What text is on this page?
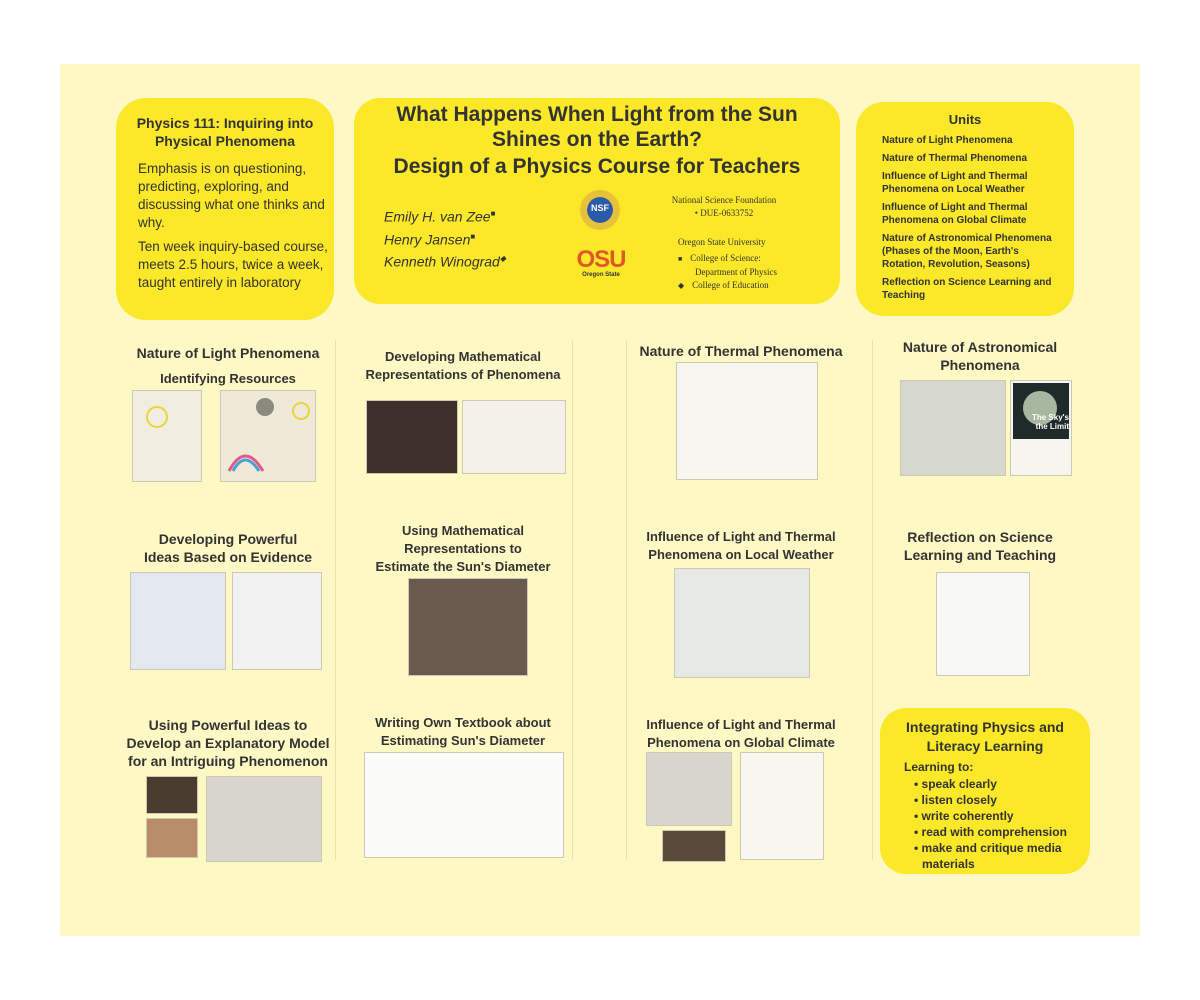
Physics 111: Inquiring into
Physical Phenomena
Emphasis is on questioning, predicting, exploring, and discussing what one thinks and why.
Ten week inquiry-based course, meets 2.5 hours, twice a week, taught entirely in laboratory
What Happens When Light from the Sun
Shines on the Earth?
Design of a Physics Course for Teachers
Emily H. van Zee■
Henry Jansen■
Kenneth Winograd◆
NSF
OSU
Oregon State
National Science Foundation
• DUE-0633752
Oregon State University
■ College of Science:
Department of Physics
◆ College of Education
Units
Nature of Light Phenomena
Nature of Thermal Phenomena
Influence of Light and Thermal Phenomena on Local Weather
Influence of Light and Thermal Phenomena on Global Climate
Nature of Astronomical Phenomena (Phases of the Moon, Earth's Rotation, Revolution, Seasons)
Reflection on Science Learning and Teaching
Nature of Light Phenomena
Identifying Resources
Developing Powerful
Ideas Based on Evidence
Using Powerful Ideas to
Develop an Explanatory Model
for an Intriguing Phenomenon
Developing Mathematical
Representations of Phenomena
Using Mathematical
Representations to
Estimate the Sun's Diameter
Writing Own Textbook about
Estimating Sun's Diameter
Nature of Thermal Phenomena
Influence of Light and Thermal
Phenomena on Local Weather
Influence of Light and Thermal
Phenomena on Global Climate
Nature of Astronomical
Phenomena
The Sky's
the Limit
Reflection on Science
Learning and Teaching
Integrating Physics and
Literacy Learning
Learning to:
• speak clearly
• listen closely
• write coherently
• read with comprehension
• make and critique media
materials
